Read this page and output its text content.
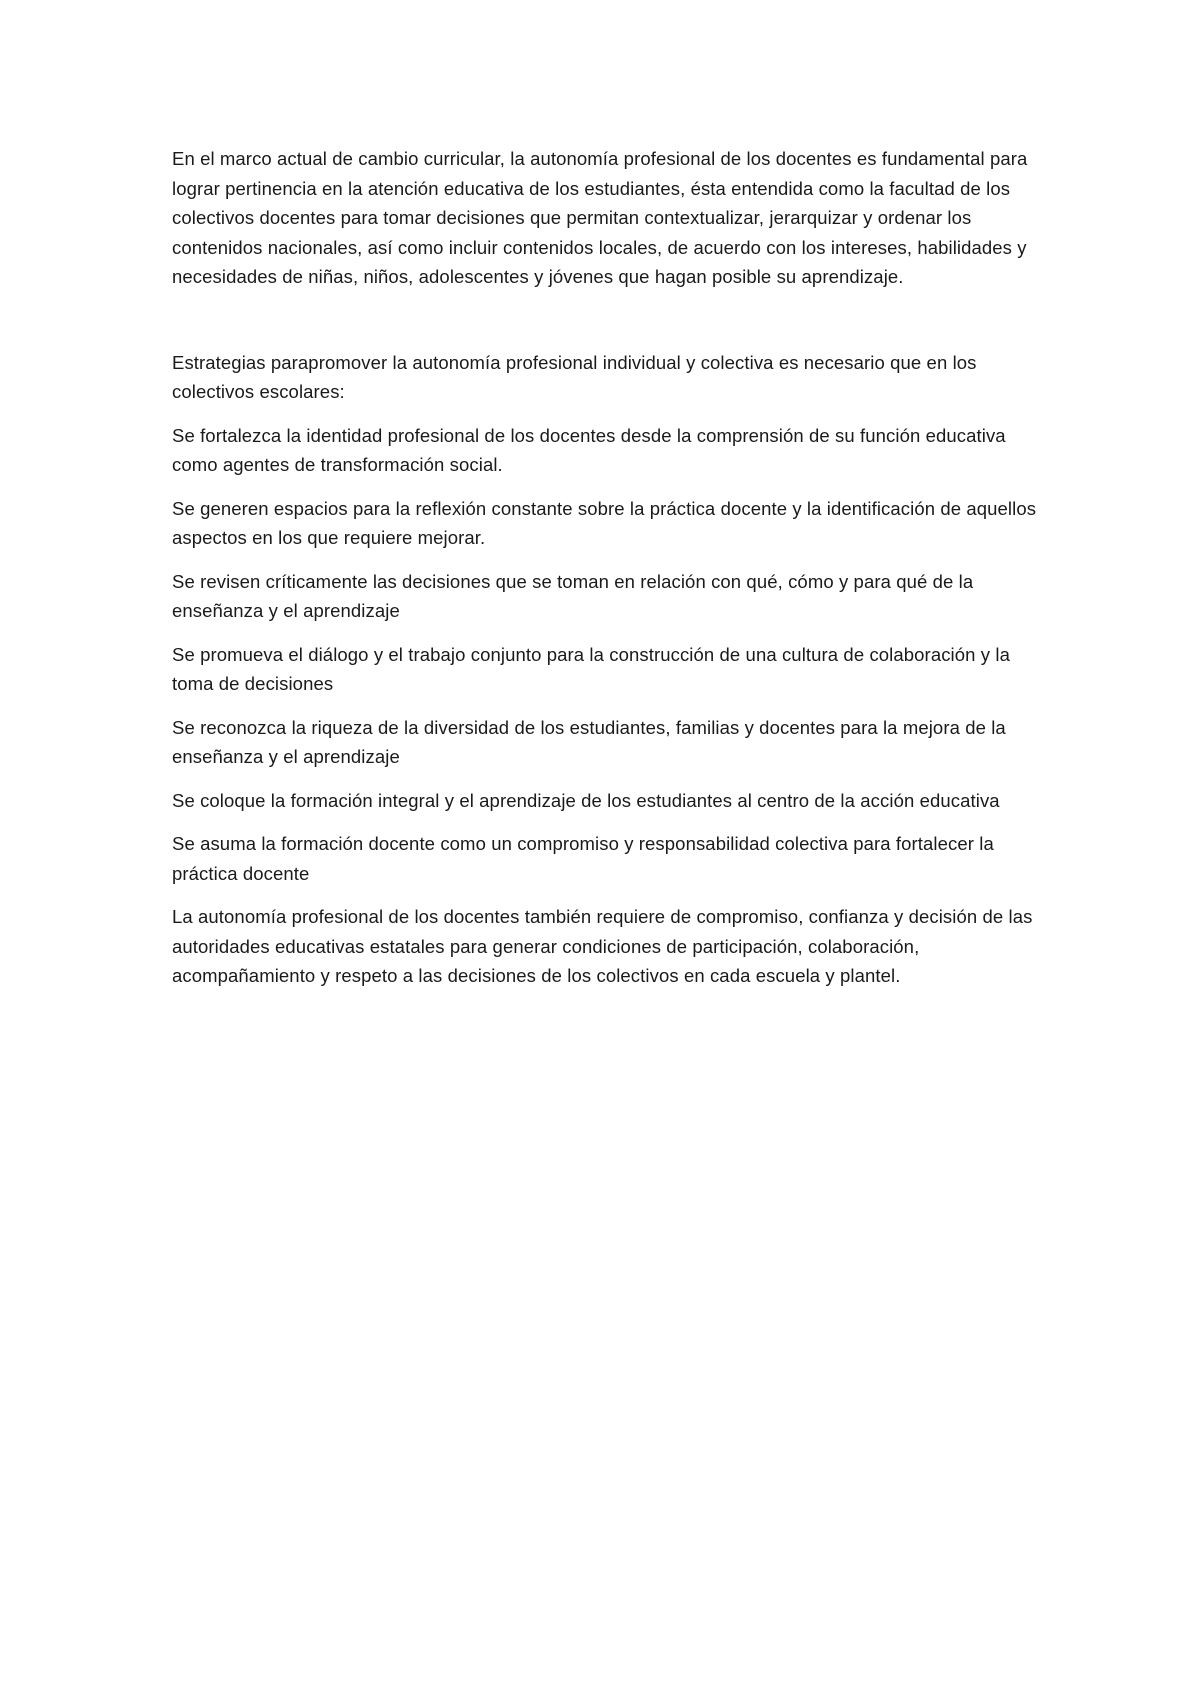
En el marco actual de cambio curricular, la autonomía profesional de los docentes es fundamental para lograr pertinencia en la atención educativa de los estudiantes, ésta entendida como la facultad de los colectivos docentes para tomar decisiones que permitan contextualizar, jerarquizar y ordenar los contenidos nacionales, así como incluir contenidos locales, de acuerdo con los intereses, habilidades y necesidades de niñas, niños, adolescentes y jóvenes que hagan posible su aprendizaje.

Estrategias parapromover la autonomía profesional individual y colectiva es necesario que en los colectivos escolares:

Se fortalezca la identidad profesional de los docentes desde la comprensión de su función educativa como agentes de transformación social.
Se generen espacios para la reflexión constante sobre la práctica docente y la identificación de aquellos aspectos en los que requiere mejorar.
Se revisen críticamente las decisiones que se toman en relación con qué, cómo y para qué de la enseñanza y el aprendizaje
Se promueva el diálogo y el trabajo conjunto para la construcción de una cultura de colaboración y la toma de decisiones
Se reconozca la riqueza de la diversidad de los estudiantes, familias y docentes para la mejora de la enseñanza y el aprendizaje
Se coloque la formación integral y el aprendizaje de los estudiantes al centro de la acción educativa
Se asuma la formación docente como un compromiso y responsabilidad colectiva para fortalecer la práctica docente

La autonomía profesional de los docentes también requiere de compromiso, confianza y decisión de las autoridades educativas estatales para generar condiciones de participación, colaboración, acompañamiento y respeto a las decisiones de los colectivos en cada escuela y plantel.
